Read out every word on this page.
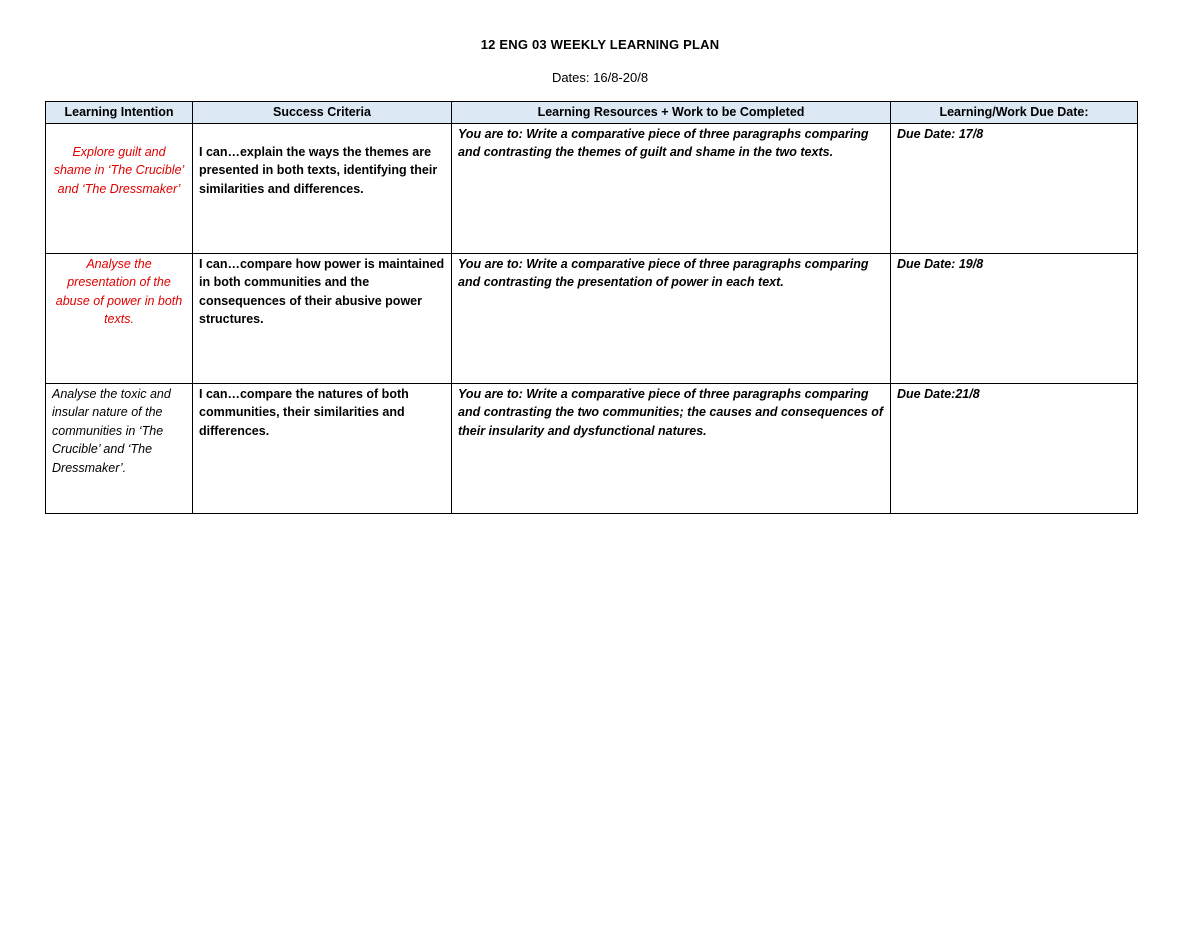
12 ENG 03 WEEKLY LEARNING PLAN
Dates: 16/8-20/8
Learning Intention	Success Criteria	Learning Resources + Work to be Completed	Learning/Work Due Date:

Explore guilt and shame in ‘The Crucible’ and ‘The Dressmaker’	I can…explain the ways the themes are presented in both texts, identifying their similarities and differences.	You are to: Write a comparative piece of three paragraphs comparing and contrasting the themes of guilt and shame in the two texts.	Due Date: 17/8

Analyse the presentation of the abuse of power in both texts.	I can…compare how power is maintained in both communities and the consequences of their abusive power structures.	You are to: Write a comparative piece of three paragraphs comparing and contrasting the presentation of power in each text.	Due Date: 19/8

Analyse the toxic and insular nature of the communities in ‘The Crucible’ and ‘The Dressmaker’.	I can…compare the natures of both communities, their similarities and differences.	You are to: Write a comparative piece of three paragraphs comparing and contrasting the two communities; the causes and consequences of their insularity and dysfunctional natures.	Due Date:21/8
